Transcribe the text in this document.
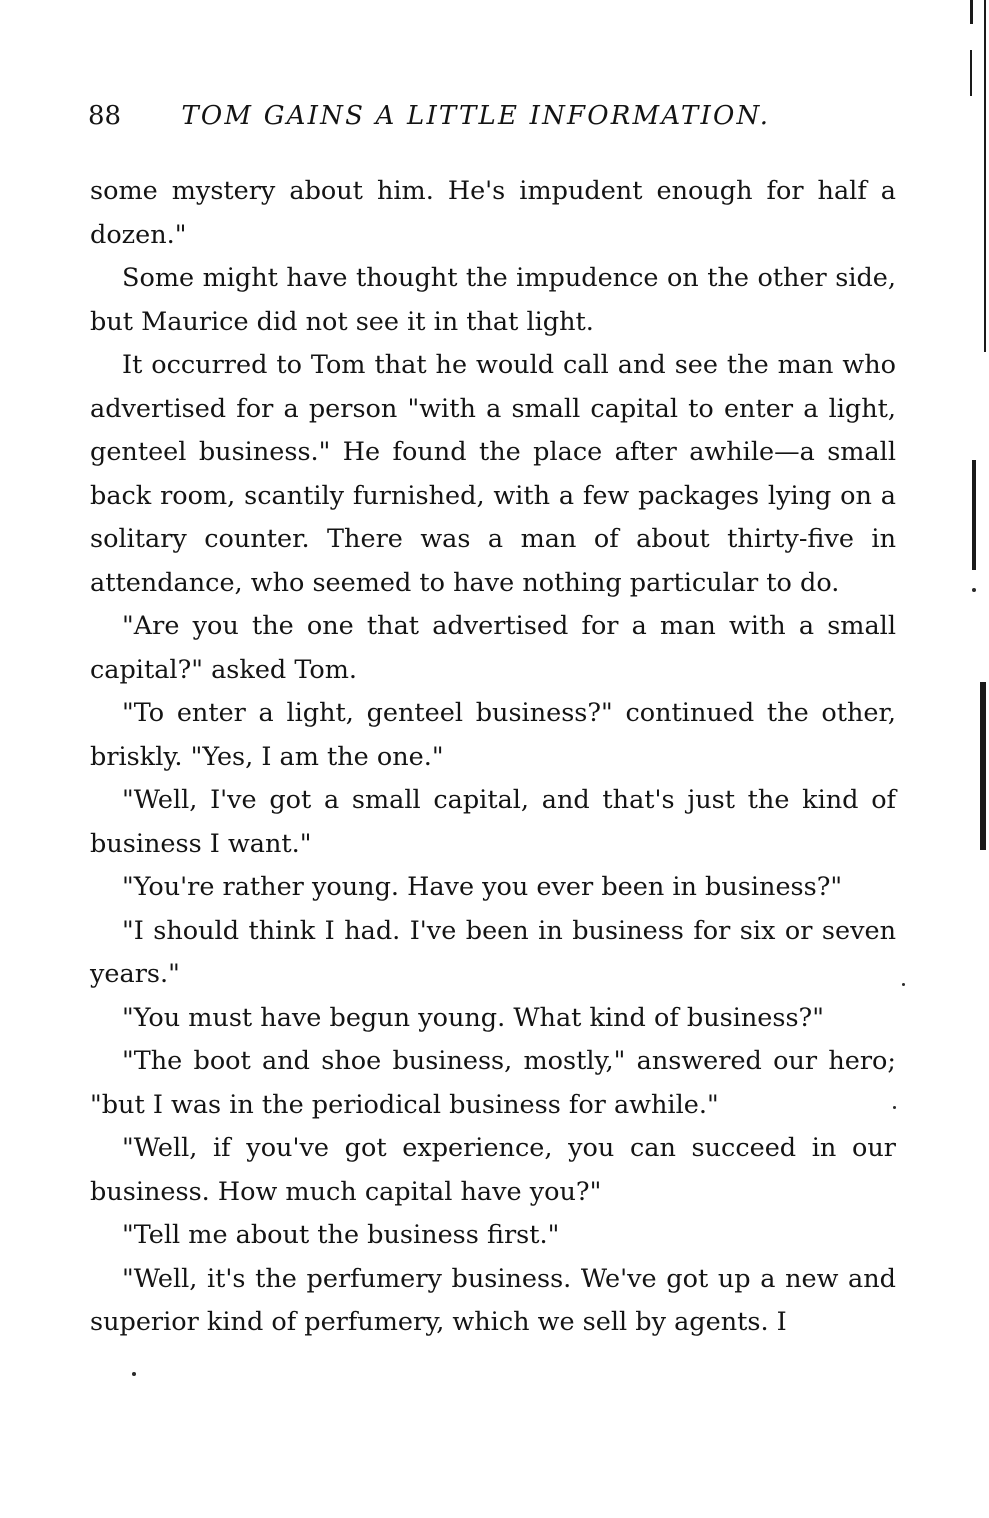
88 TOM GAINS A LITTLE INFORMATION.

some mystery about him. He's impudent enough for half a dozen."

Some might have thought the impudence on the other side, but Maurice did not see it in that light.

It occurred to Tom that he would call and see the man who advertised for a person "with a small capital to enter a light, genteel business." He found the place after awhile—a small back room, scantily furnished, with a few packages lying on a solitary counter. There was a man of about thirty-five in attendance, who seemed to have nothing particular to do.

"Are you the one that advertised for a man with a small capital?" asked Tom.

"To enter a light, genteel business?" continued the other, briskly. "Yes, I am the one."

"Well, I've got a small capital, and that's just the kind of business I want."

"You're rather young. Have you ever been in business?"

"I should think I had. I've been in business for six or seven years."

"You must have begun young. What kind of business?"

"The boot and shoe business, mostly," answered our hero; "but I was in the periodical business for awhile."

"Well, if you've got experience, you can succeed in our business. How much capital have you?"

"Tell me about the business first."

"Well, it's the perfumery business. We've got up a new and superior kind of perfumery, which we sell by agents. I
